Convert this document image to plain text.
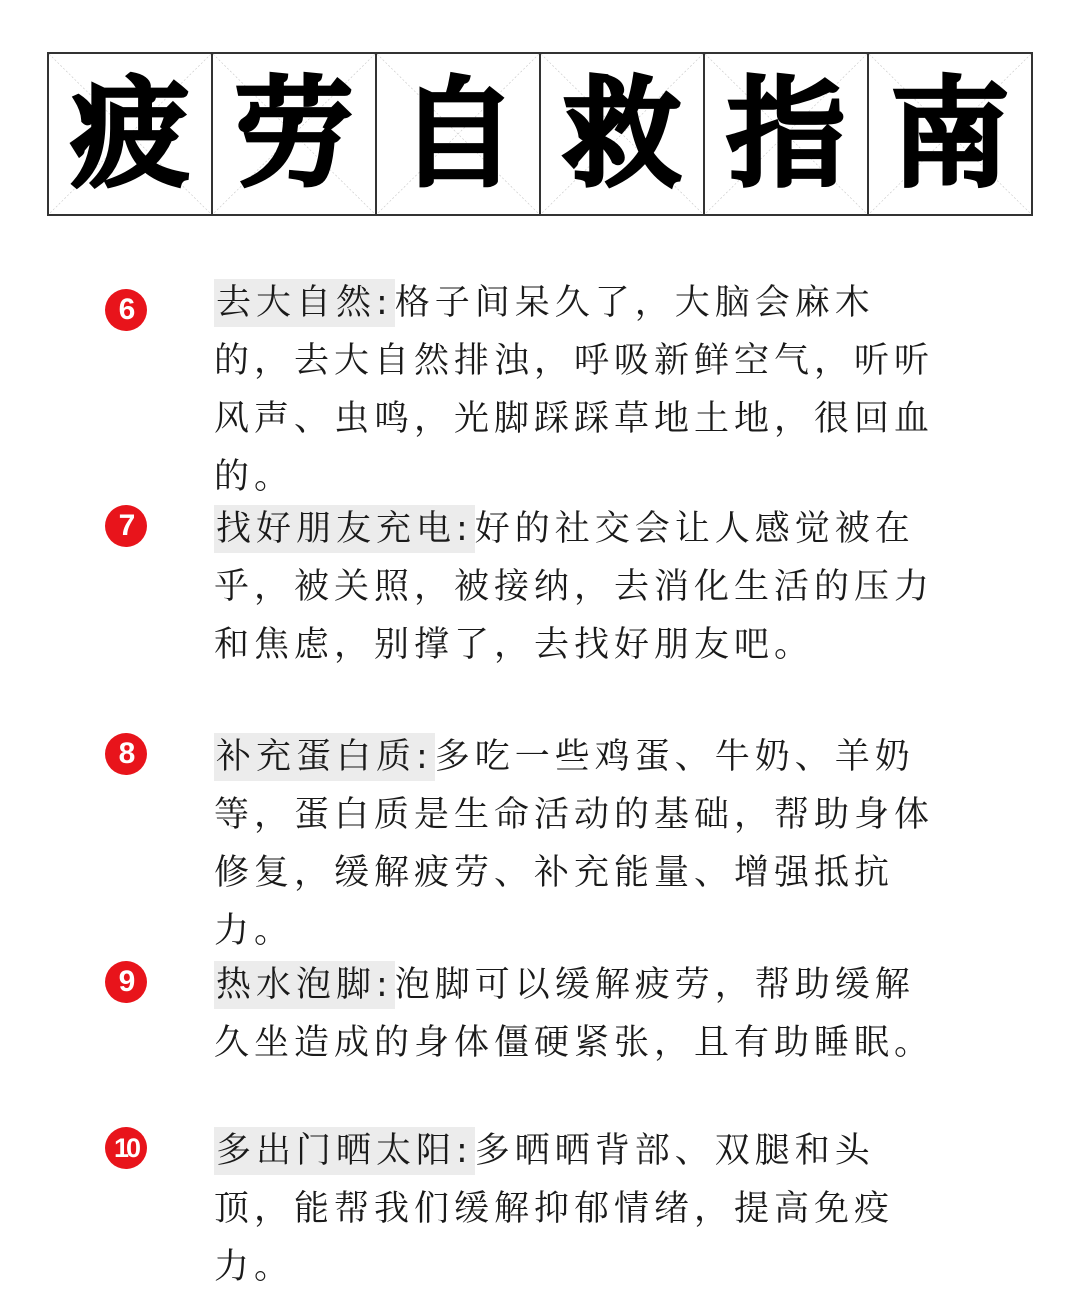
疲 劳 自 救 指 南
6	去大自然:格子间呆久了，大脑会麻木的，去大自然排浊，呼吸新鲜空气，听听风声、虫鸣，光脚踩踩草地土地，很回血的。
7	找好朋友充电:好的社交会让人感觉被在乎，被关照，被接纳，去消化生活的压力和焦虑，别撑了，去找好朋友吧。
8	补充蛋白质:多吃一些鸡蛋、牛奶、羊奶等，蛋白质是生命活动的基础，帮助身体修复，缓解疲劳、补充能量、增强抵抗力。
9	热水泡脚:泡脚可以缓解疲劳，帮助缓解久坐造成的身体僵硬紧张，且有助睡眠。
10 多出门晒太阳:多晒晒背部、双腿和头顶，能帮我们缓解抑郁情绪，提高免疫力。
